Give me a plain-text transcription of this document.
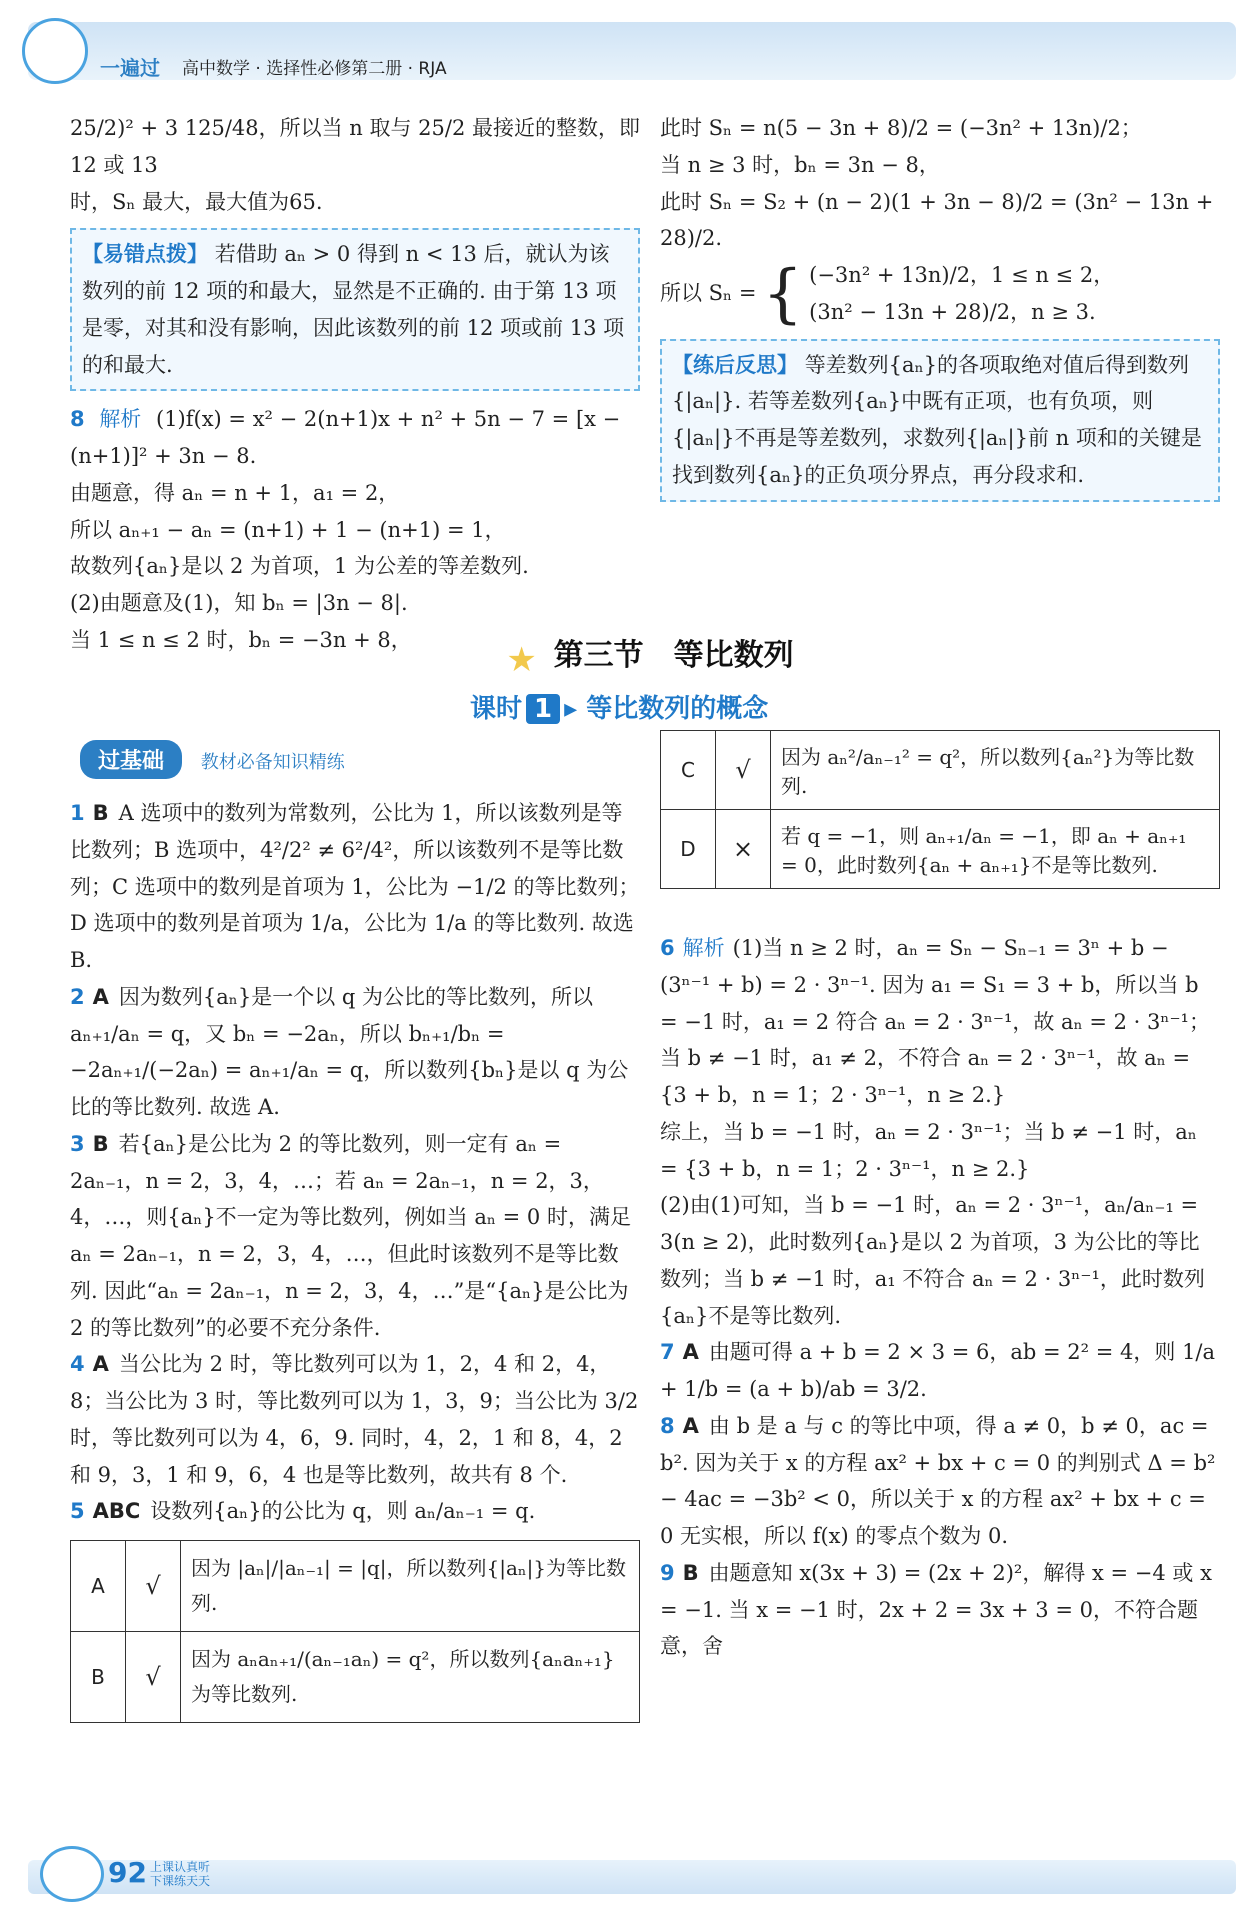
一遍过 高中数学 · 选择性必修第二册 · RJA

25/2)² + 3 125/48，所以当 n 取与 25/2 最接近的整数，即12 或 13

时，Sₙ 最大，最大值为65.

【易错点拨】 若借助 aₙ > 0 得到 n < 13 后，就认为该数列的前 12 项的和最大，显然是不正确的. 由于第 13 项是零，对其和没有影响，因此该数列的前 12 项或前 13 项的和最大.

8 解析 (1)f(x) = x² − 2(n+1)x + n² + 5n − 7 = [x − (n+1)]² + 3n − 8.

由题意，得 aₙ = n + 1，a₁ = 2，

所以 aₙ₊₁ − aₙ = (n+1) + 1 − (n+1) = 1，

故数列{aₙ}是以 2 为首项，1 为公差的等差数列.

(2)由题意及(1)，知 bₙ = |3n − 8|.

当 1 ≤ n ≤ 2 时，bₙ = −3n + 8，

此时 Sₙ = n(5 − 3n + 8)/2 = (−3n² + 13n)/2；

当 n ≥ 3 时，bₙ = 3n − 8，

此时 Sₙ = S₂ + (n − 2)(1 + 3n − 8)/2 = (3n² − 13n + 28)/2.

所以 Sₙ = { (−3n² + 13n)/2，1 ≤ n ≤ 2，
(3n² − 13n + 28)/2，n ≥ 3.

【练后反思】 等差数列{aₙ}的各项取绝对值后得到数列{|aₙ|}. 若等差数列{aₙ}中既有正项，也有负项，则{|aₙ|}不再是等差数列，求数列{|aₙ|}前 n 项和的关键是找到数列{aₙ}的正负项分界点，再分段求和.
★ 第三节　等比数列
课时 1 ▸ 等比数列的概念
过基础 教材必备知识精练

1 B A 选项中的数列为常数列，公比为 1，所以该数列是等比数列；B 选项中，4²/2² ≠ 6²/4²，所以该数列不是等比数列；C 选项中的数列是首项为 1，公比为 −1/2 的等比数列；D 选项中的数列是首项为 1/a，公比为 1/a 的等比数列. 故选 B.

2 A 因为数列{aₙ}是一个以 q 为公比的等比数列，所以 aₙ₊₁/aₙ = q，又 bₙ = −2aₙ，所以 bₙ₊₁/bₙ = −2aₙ₊₁/(−2aₙ) = aₙ₊₁/aₙ = q，所以数列{bₙ}是以 q 为公比的等比数列. 故选 A.

3 B 若{aₙ}是公比为 2 的等比数列，则一定有 aₙ = 2aₙ₋₁，n = 2，3，4，…；若 aₙ = 2aₙ₋₁，n = 2，3，4，…，则{aₙ}不一定为等比数列，例如当 aₙ = 0 时，满足 aₙ = 2aₙ₋₁，n = 2，3，4，…，但此时该数列不是等比数列. 因此“aₙ = 2aₙ₋₁，n = 2，3，4，…”是“{aₙ}是公比为 2 的等比数列”的必要不充分条件.

4 A 当公比为 2 时，等比数列可以为 1，2，4 和 2，4，8；当公比为 3 时，等比数列可以为 1，3，9；当公比为 3/2 时，等比数列可以为 4，6，9. 同时，4，2，1 和 8，4，2 和 9，3，1 和 9，6，4 也是等比数列，故共有 8 个.

5 ABC 设数列{aₙ}的公比为 q，则 aₙ/aₙ₋₁ = q.

A	√	因为 |aₙ|/|aₙ₋₁| = |q|，所以数列{|aₙ|}为等比数列.
B	√	因为 aₙaₙ₊₁/(aₙ₋₁aₙ) = q²，所以数列{aₙaₙ₊₁}为等比数列.
C	√	因为 aₙ²/aₙ₋₁² = q²，所以数列{aₙ²}为等比数列.
D	×	若 q = −1，则 aₙ₊₁/aₙ = −1，即 aₙ + aₙ₊₁ = 0，此时数列{aₙ + aₙ₊₁}不是等比数列.

6 解析 (1)当 n ≥ 2 时，aₙ = Sₙ − Sₙ₋₁ = 3ⁿ + b − (3ⁿ⁻¹ + b) = 2 · 3ⁿ⁻¹. 因为 a₁ = S₁ = 3 + b，所以当 b = −1 时，a₁ = 2 符合 aₙ = 2 · 3ⁿ⁻¹，故 aₙ = 2 · 3ⁿ⁻¹；当 b ≠ −1 时，a₁ ≠ 2，不符合 aₙ = 2 · 3ⁿ⁻¹，故 aₙ = {3 + b，n = 1；2 · 3ⁿ⁻¹，n ≥ 2.}

综上，当 b = −1 时，aₙ = 2 · 3ⁿ⁻¹；当 b ≠ −1 时，aₙ = {3 + b，n = 1；2 · 3ⁿ⁻¹，n ≥ 2.}

(2)由(1)可知，当 b = −1 时，aₙ = 2 · 3ⁿ⁻¹，aₙ/aₙ₋₁ = 3(n ≥ 2)，此时数列{aₙ}是以 2 为首项，3 为公比的等比数列；当 b ≠ −1 时，a₁ 不符合 aₙ = 2 · 3ⁿ⁻¹，此时数列{aₙ}不是等比数列.

7 A 由题可得 a + b = 2 × 3 = 6，ab = 2² = 4，则 1/a + 1/b = (a + b)/ab = 3/2.

8 A 由 b 是 a 与 c 的等比中项，得 a ≠ 0，b ≠ 0，ac = b². 因为关于 x 的方程 ax² + bx + c = 0 的判别式 Δ = b² − 4ac = −3b² < 0，所以关于 x 的方程 ax² + bx + c = 0 无实根，所以 f(x) 的零点个数为 0.

9 B 由题意知 x(3x + 3) = (2x + 2)²，解得 x = −4 或 x = −1. 当 x = −1 时，2x + 2 = 3x + 3 = 0，不符合题意，舍

92 上课认真听
下课练天天
